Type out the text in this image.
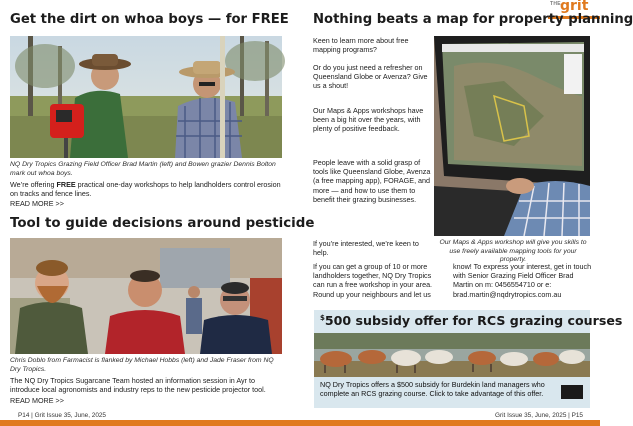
THE grit
Get the dirt on whoa boys — for FREE
NQ Dry Tropics Grazing Field Officer Brad Martin (left) and Bowen grazier Dennis Bolton mark out whoa boys.
We’re offering FREE practical one-day workshops to help landholders control erosion on tracks and fence lines.
READ MORE >>
Tool to guide decisions around pesticide
Chris Doblo from Farmacist is flanked by Michael Hobbs (left) and Jade Fraser from NQ Dry Tropics.
The NQ Dry Tropics Sugarcane Team hosted an information session in Ayr to introduce local agronomists and industry reps to the new pesticide projector tool.
READ MORE >>
Nothing beats a map for property planning
Keen to learn more about free mapping programs?
Or do you just need a refresher on Queensland Globe or Avenza? Give us a shout!
Our Maps & Apps workshops have been a big hit over the years, with plenty of positive feedback.
People leave with a solid grasp of tools like Queensland Globe, Avenza (a free mapping app), FORAGE, and more — and how to use them to benefit their grazing businesses.
If you’re interested, we’re keen to help.
Our Maps & Apps workshop will give you skills to use freely available mapping tools for your property.
If you can get a group of 10 or more landholders together, NQ Dry Tropics can run a free workshop in your area. Round up your neighbours and let us
know! To express your interest, get in touch with Senior Grazing Field Officer Brad Martin on m: 0456554710 or e: brad.martin@nqdrytropics.com.au
$500 subsidy offer for RCS grazing courses
NQ Dry Tropics offers a $500 subsidy for Burdekin land managers who complete an RCS grazing course. Click to take advantage of this offer.
P14 | Grit Issue 35, June, 2025	Grit Issue 35, June, 2025 | P15
